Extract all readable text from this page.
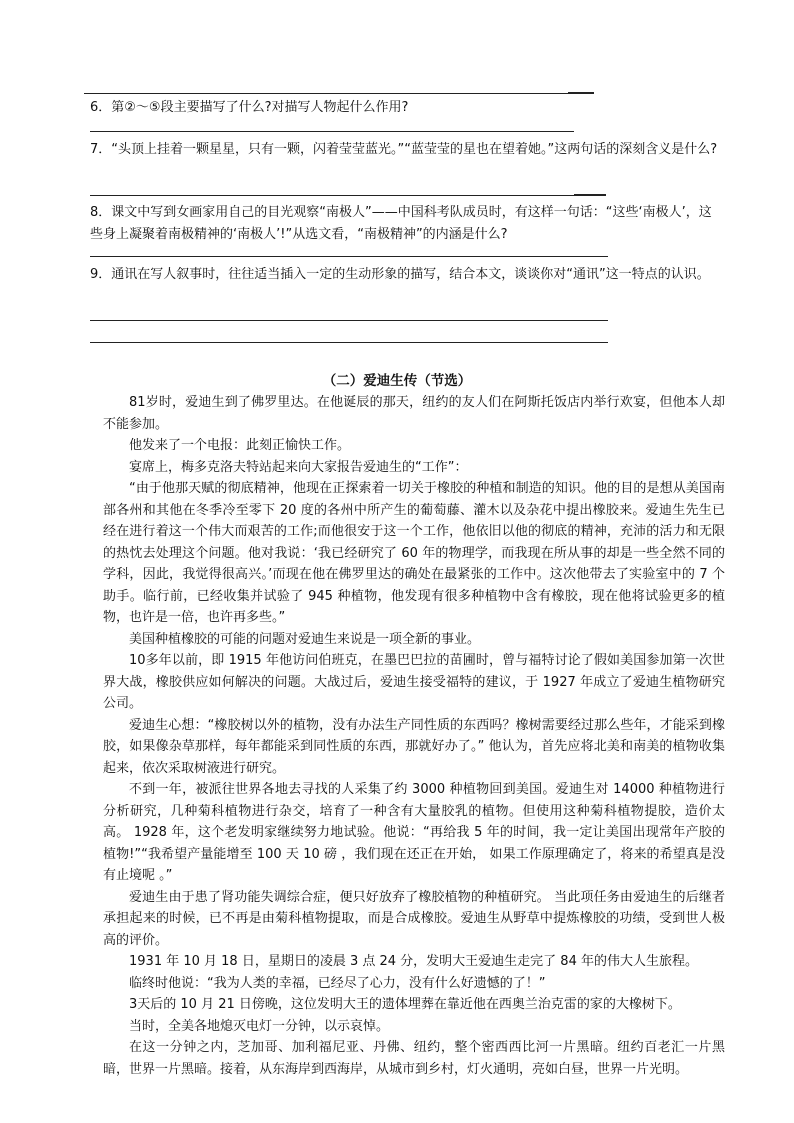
6．第②～⑤段主要描写了什么?对描写人物起什么作用?

7．“头顶上挂着一颗星星，只有一颗，闪着莹莹蓝光。”“蓝莹莹的星也在望着她。”这两句话的深刻含义是什么?

8．课文中写到女画家用自己的目光观察“南极人”——中国科考队成员时，有这样一句话：“这些‘南极人’，这些身上凝聚着南极精神的‘南极人’!”从选文看，“南极精神”的内涵是什么?

9．通讯在写人叙事时，往往适当插入一定的生动形象的描写，结合本文，谈谈你对“通讯”这一特点的认识。

（二）爱迪生传（节选）

81岁时，爱迪生到了佛罗里达。在他诞辰的那天，纽约的友人们在阿斯托饭店内举行欢宴，但他本人却不能参加。

他发来了一个电报：此刻正愉快工作。

宴席上，梅多克洛夫特站起来向大家报告爱迪生的“工作”：

“由于他那天赋的彻底精神，他现在正探索着一切关于橡胶的种植和制造的知识。他的目的是想从美国南部各州和其他在冬季冷至零下 20 度的各州中所产生的葡萄藤、灌木以及杂花中提出橡胶来。爱迪生先生已经在进行着这一个伟大而艰苦的工作;而他很安于这一个工作，他依旧以他的彻底的精神，充沛的活力和无限的热忱去处理这个问题。他对我说：‘我已经研究了 60 年的物理学，而我现在所从事的却是一些全然不同的学科，因此，我觉得很高兴。’而现在他在佛罗里达的确处在最紧张的工作中。这次他带去了实验室中的 7 个助手。临行前，已经收集并试验了 945 种植物，他发现有很多种植物中含有橡胶，现在他将试验更多的植物，也许是一倍，也许再多些。”

美国种植橡胶的可能的问题对爱迪生来说是一项全新的事业。

10多年以前，即 1915 年他访问伯班克，在墨巴巴拉的苗圃时，曾与福特讨论了假如美国参加第一次世界大战，橡胶供应如何解决的问题。大战过后，爱迪生接受福特的建议，于 1927 年成立了爱迪生植物研究公司。

爱迪生心想：“橡胶树以外的植物，没有办法生产同性质的东西吗？橡树需要经过那么些年，才能采到橡胶，如果像杂草那样，每年都能采到同性质的东西，那就好办了。” 他认为，首先应将北美和南美的植物收集起来，依次采取树液进行研究。

不到一年，被派往世界各地去寻找的人采集了约 3000 种植物回到美国。爱迪生对 14000 种植物进行分析研究，几种菊科植物进行杂交，培育了一种含有大量胶乳的植物。但使用这种菊科植物提胶，造价太高。 1928 年，这个老发明家继续努力地试验。他说：“再给我 5 年的时间，我一定让美国出现常年产胶的植物!”“我希望产量能增至 100 天 10 磅 ，我们现在还正在开始， 如果工作原理确定了，将来的希望真是没有止境呢 。”

爱迪生由于患了肾功能失调综合症，便只好放弃了橡胶植物的种植研究。 当此项任务由爱迪生的后继者承担起来的时候，已不再是由菊科植物提取，而是合成橡胶。爱迪生从野草中提炼橡胶的功绩，受到世人极高的评价。

1931 年 10 月 18 日，星期日的凌晨 3 点 24 分，发明大王爱迪生走完了 84 年的伟大人生旅程。

临终时他说：“我为人类的幸福，已经尽了心力，没有什么好遗憾的了！”

3天后的 10 月 21 日傍晚，这位发明大王的遗体埋葬在靠近他在西奥兰治克雷的家的大橡树下。

当时，全美各地熄灭电灯一分钟，以示哀悼。

在这一分钟之内，芝加哥、加利福尼亚、丹佛、纽约，整个密西西比河一片黑暗。纽约百老汇一片黑暗，世界一片黑暗。接着，从东海岸到西海岸，从城市到乡村，灯火通明，亮如白昼，世界一片光明。
